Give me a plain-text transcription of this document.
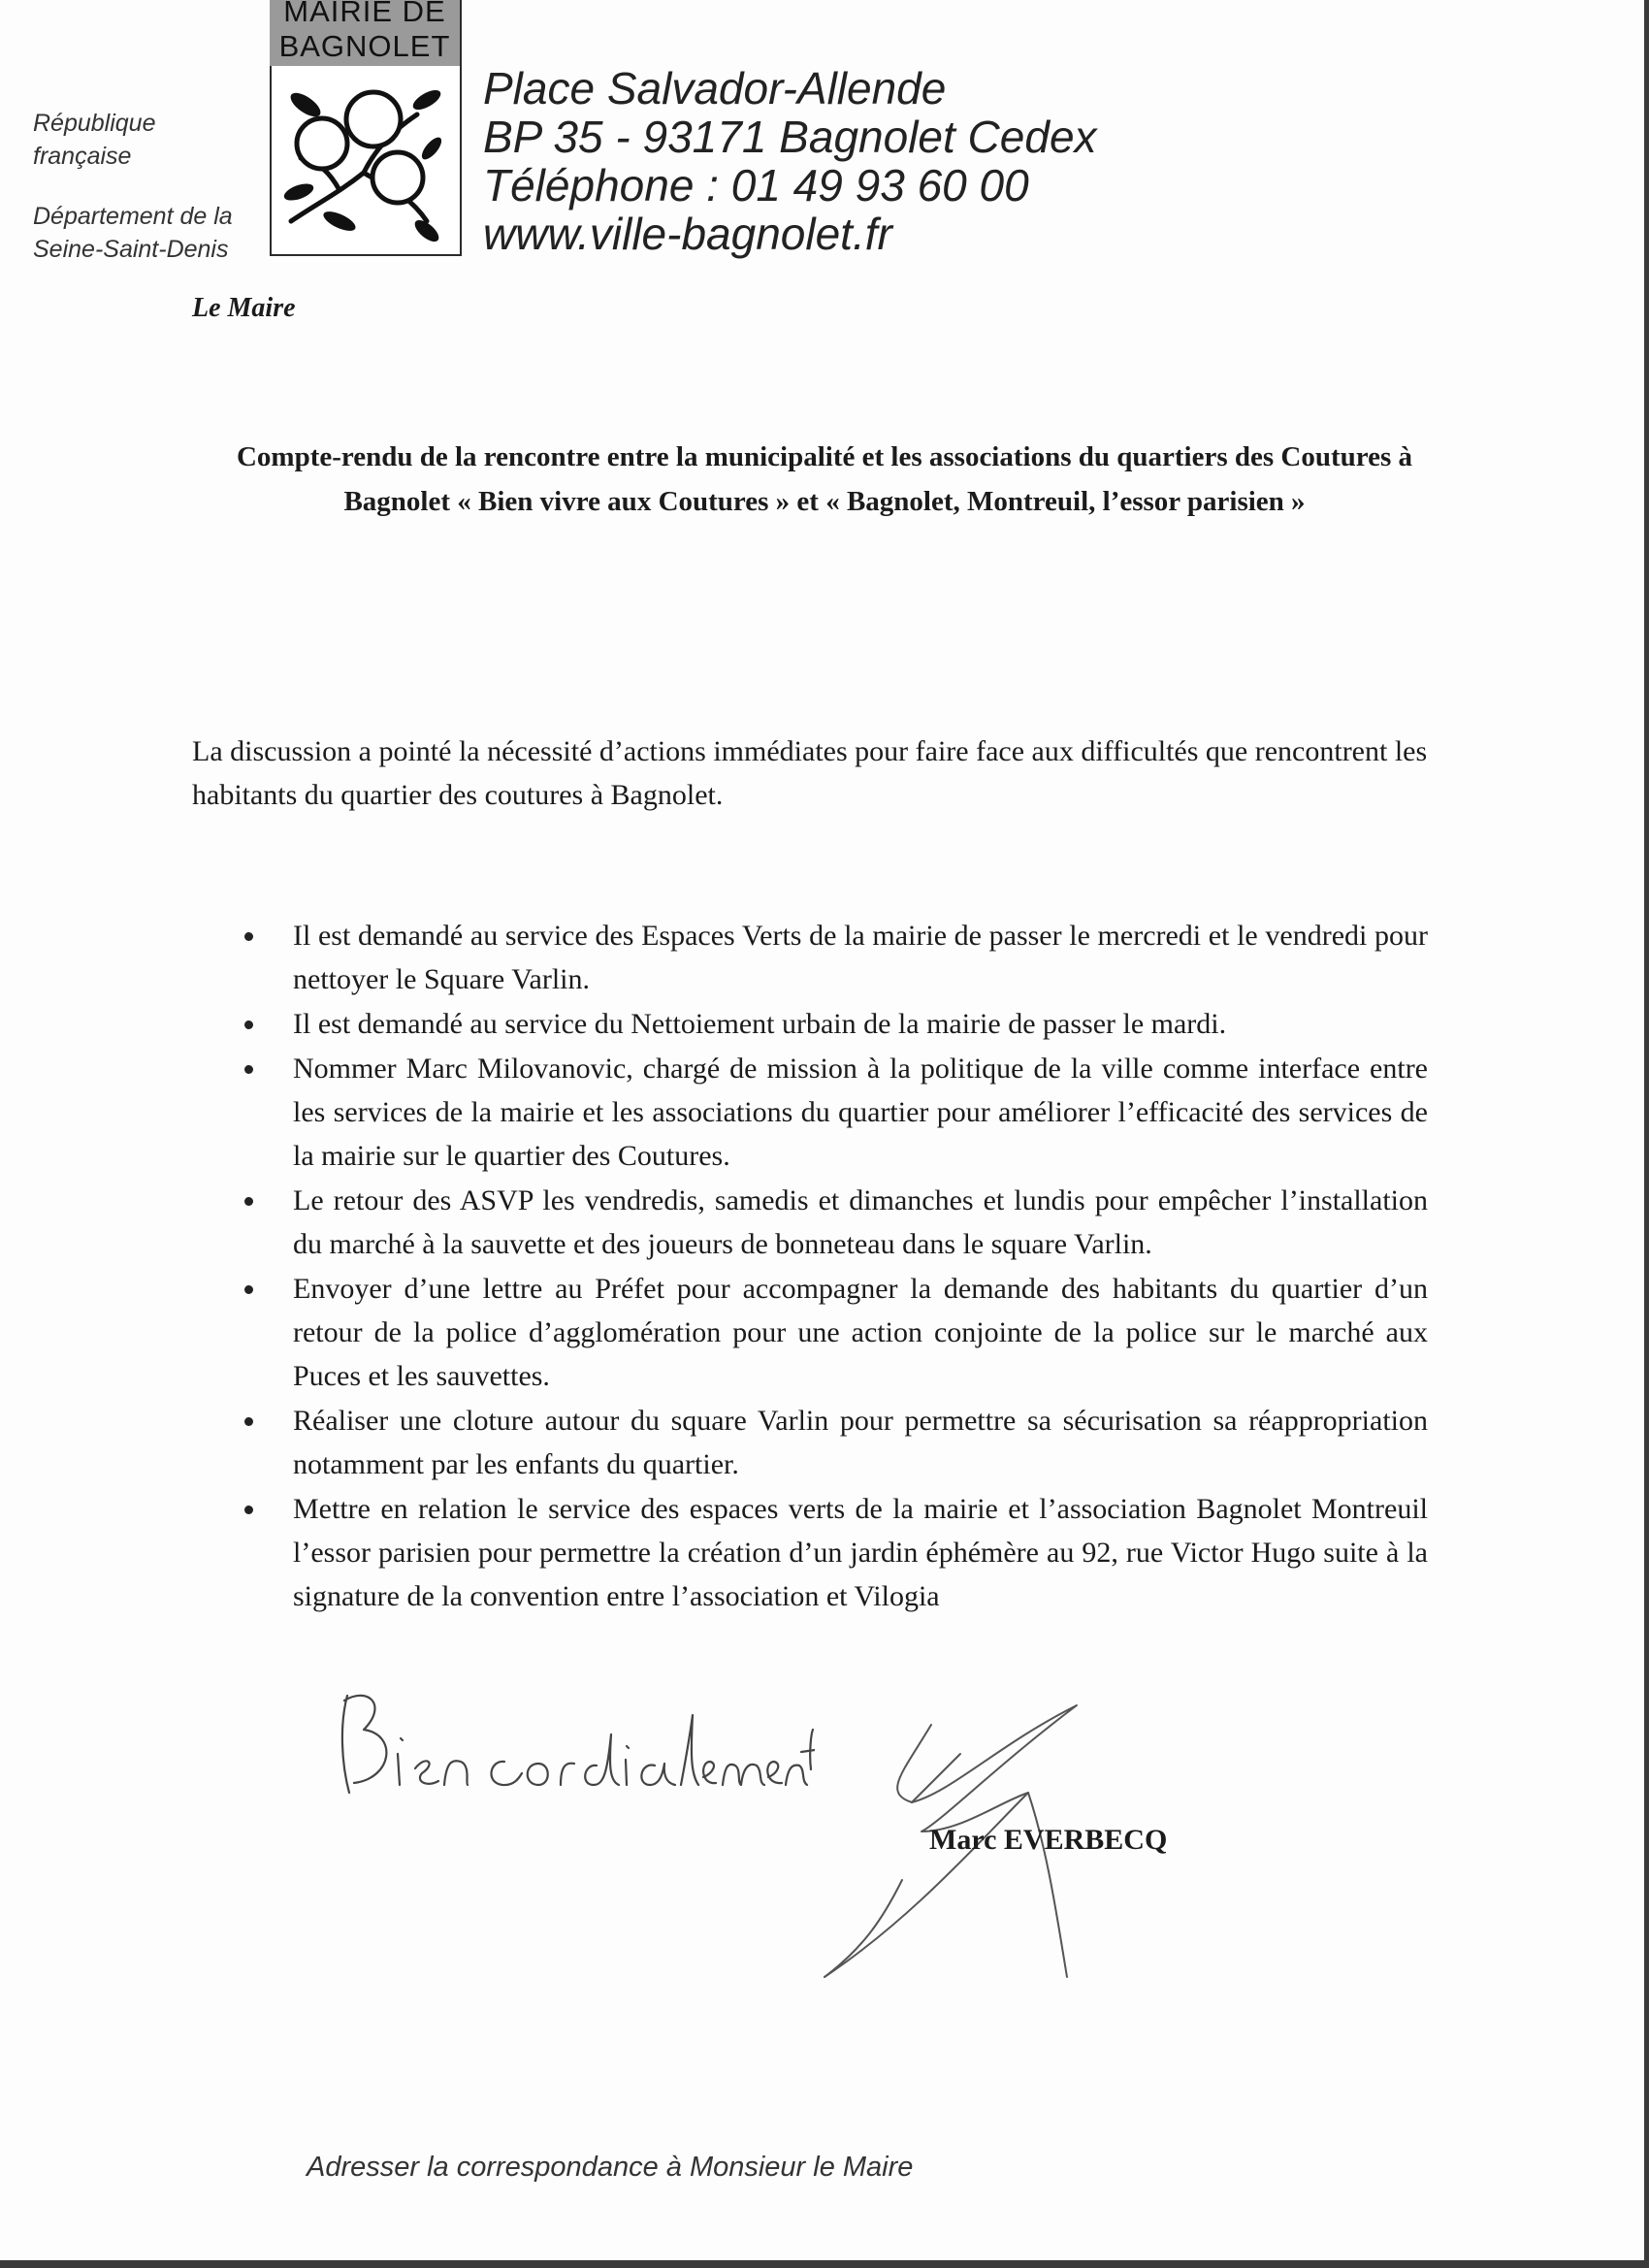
République
française
Département de la
Seine-Saint-Denis
MAIRIE DE
BAGNOLET
Place Salvador-Allende
BP 35 - 93171 Bagnolet Cedex
Téléphone : 01 49 93 60 00
www.ville-bagnolet.fr
Le Maire
Compte-rendu de la rencontre entre la municipalité et les associations du quartiers des Coutures à Bagnolet « Bien vivre aux Coutures » et « Bagnolet, Montreuil, l’essor parisien »
La discussion a pointé la nécessité d’actions immédiates pour faire face aux difficultés que rencontrent les habitants du quartier des coutures à Bagnolet.
Il est demandé au service des Espaces Verts de la mairie de passer le mercredi et le vendredi pour nettoyer le Square Varlin.
Il est demandé au service du Nettoiement urbain de la mairie de passer le mardi.
Nommer Marc Milovanovic, chargé de mission à la politique de la ville comme interface entre les services de la mairie et les associations du quartier pour améliorer l’efficacité des services de la mairie sur le quartier des Coutures.
Le retour des ASVP les vendredis, samedis et dimanches et lundis pour empêcher l’installation du marché à la sauvette et des joueurs de bonneteau dans le square Varlin.
Envoyer d’une lettre au Préfet pour accompagner la demande des habitants du quartier d’un retour de la police d’agglomération pour une action conjointe de la police sur le marché aux Puces et les sauvettes.
Réaliser une cloture autour du square Varlin pour permettre sa sécurisation sa réappropriation notamment par les enfants du quartier.
Mettre en relation le service des espaces verts de la mairie et l’association Bagnolet Montreuil l’essor parisien pour permettre la création d’un jardin éphémère au 92, rue Victor Hugo suite à la signature de la convention entre l’association et Vilogia
Marc EVERBECQ
Adresser la correspondance à Monsieur le Maire
